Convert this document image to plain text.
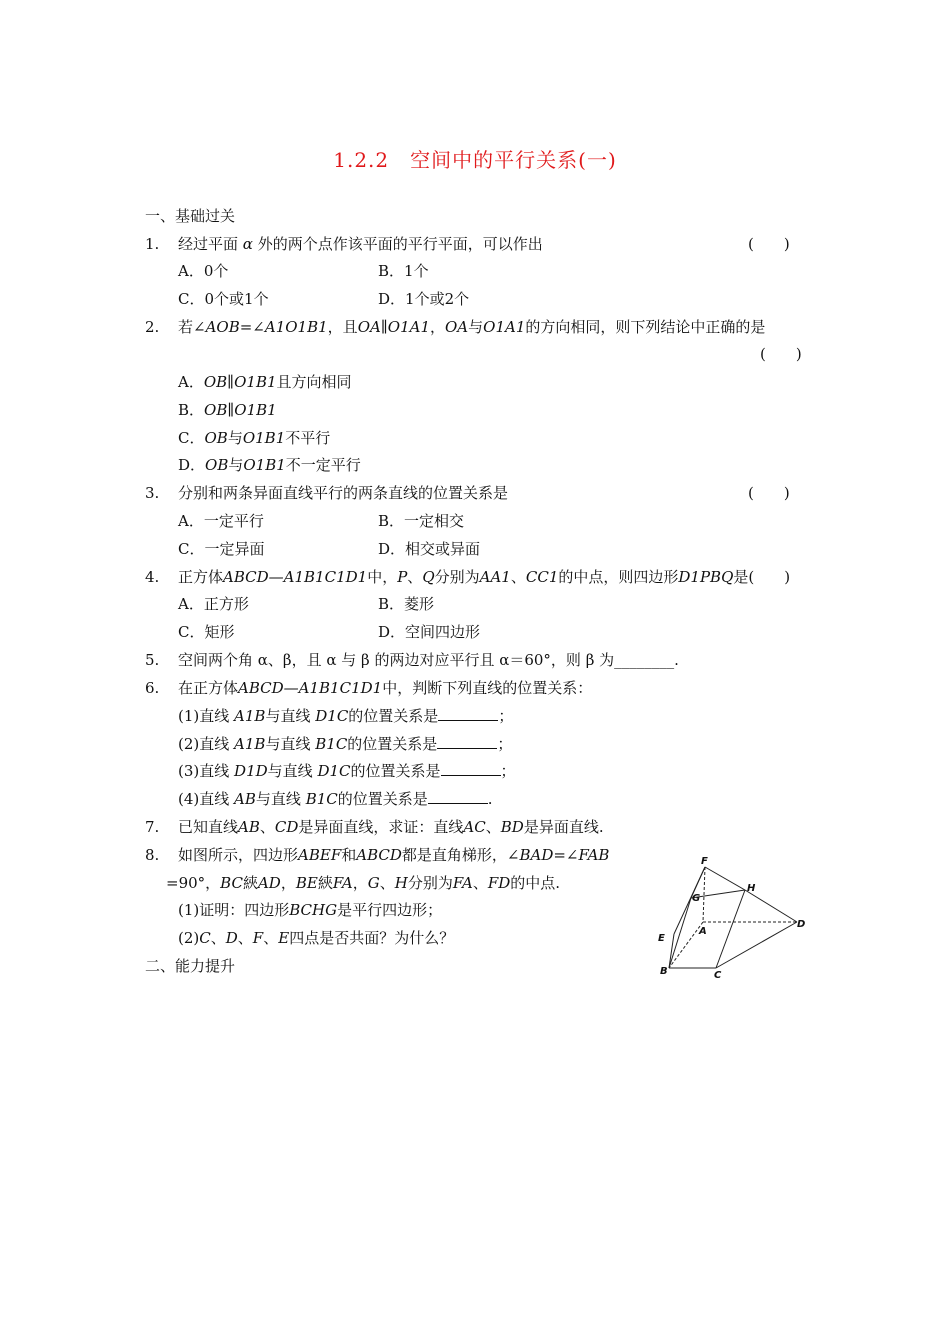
1.2.2　空间中的平行关系(一)
一、基础过关
1. 经过平面 α 外的两个点作该平面的平行平面，可以作出	(　　)
A．0个	B．1个
C．0个或1个	D．1个或2个
2. 若∠AOB=∠A1O1B1，且OA∥O1A1，OA与O1A1的方向相同，则下列结论中正确的是
(　　)
A．OB∥O1B1且方向相同
B．OB∥O1B1
C．OB与O1B1不平行
D．OB与O1B1不一定平行
3. 分别和两条异面直线平行的两条直线的位置关系是	(　　)
A．一定平行	B．一定相交
C．一定异面	D．相交或异面
4. 正方体ABCD—A1B1C1D1中，P、Q分别为AA1、CC1的中点，则四边形D1PBQ是(　　)
A．正方形	B．菱形
C．矩形	D．空间四边形
5. 空间两个角 α、β，且 α 与 β 的两边对应平行且 α＝60°，则 β 为________.
6. 在正方体ABCD—A1B1C1D1中，判断下列直线的位置关系：
(1)直线 A1B与直线 D1C的位置关系是	；
(2)直线 A1B与直线 B1C的位置关系是	；
(3)直线 D1D与直线 D1C的位置关系是	；
(4)直线 AB与直线 B1C的位置关系是	.
7. 已知直线AB、CD是异面直线，求证：直线AC、BD是异面直线.
8. 如图所示，四边形ABEF和ABCD都是直角梯形，∠BAD=∠FAB
=90°，BC綊AD，BE綊FA，G、H分别为FA、FD的中点.
(1)证明：四边形BCHG是平行四边形；
(2)C、D、F、E四点是否共面？为什么？
二、能力提升
F
G
H
A
D
E
B	C
